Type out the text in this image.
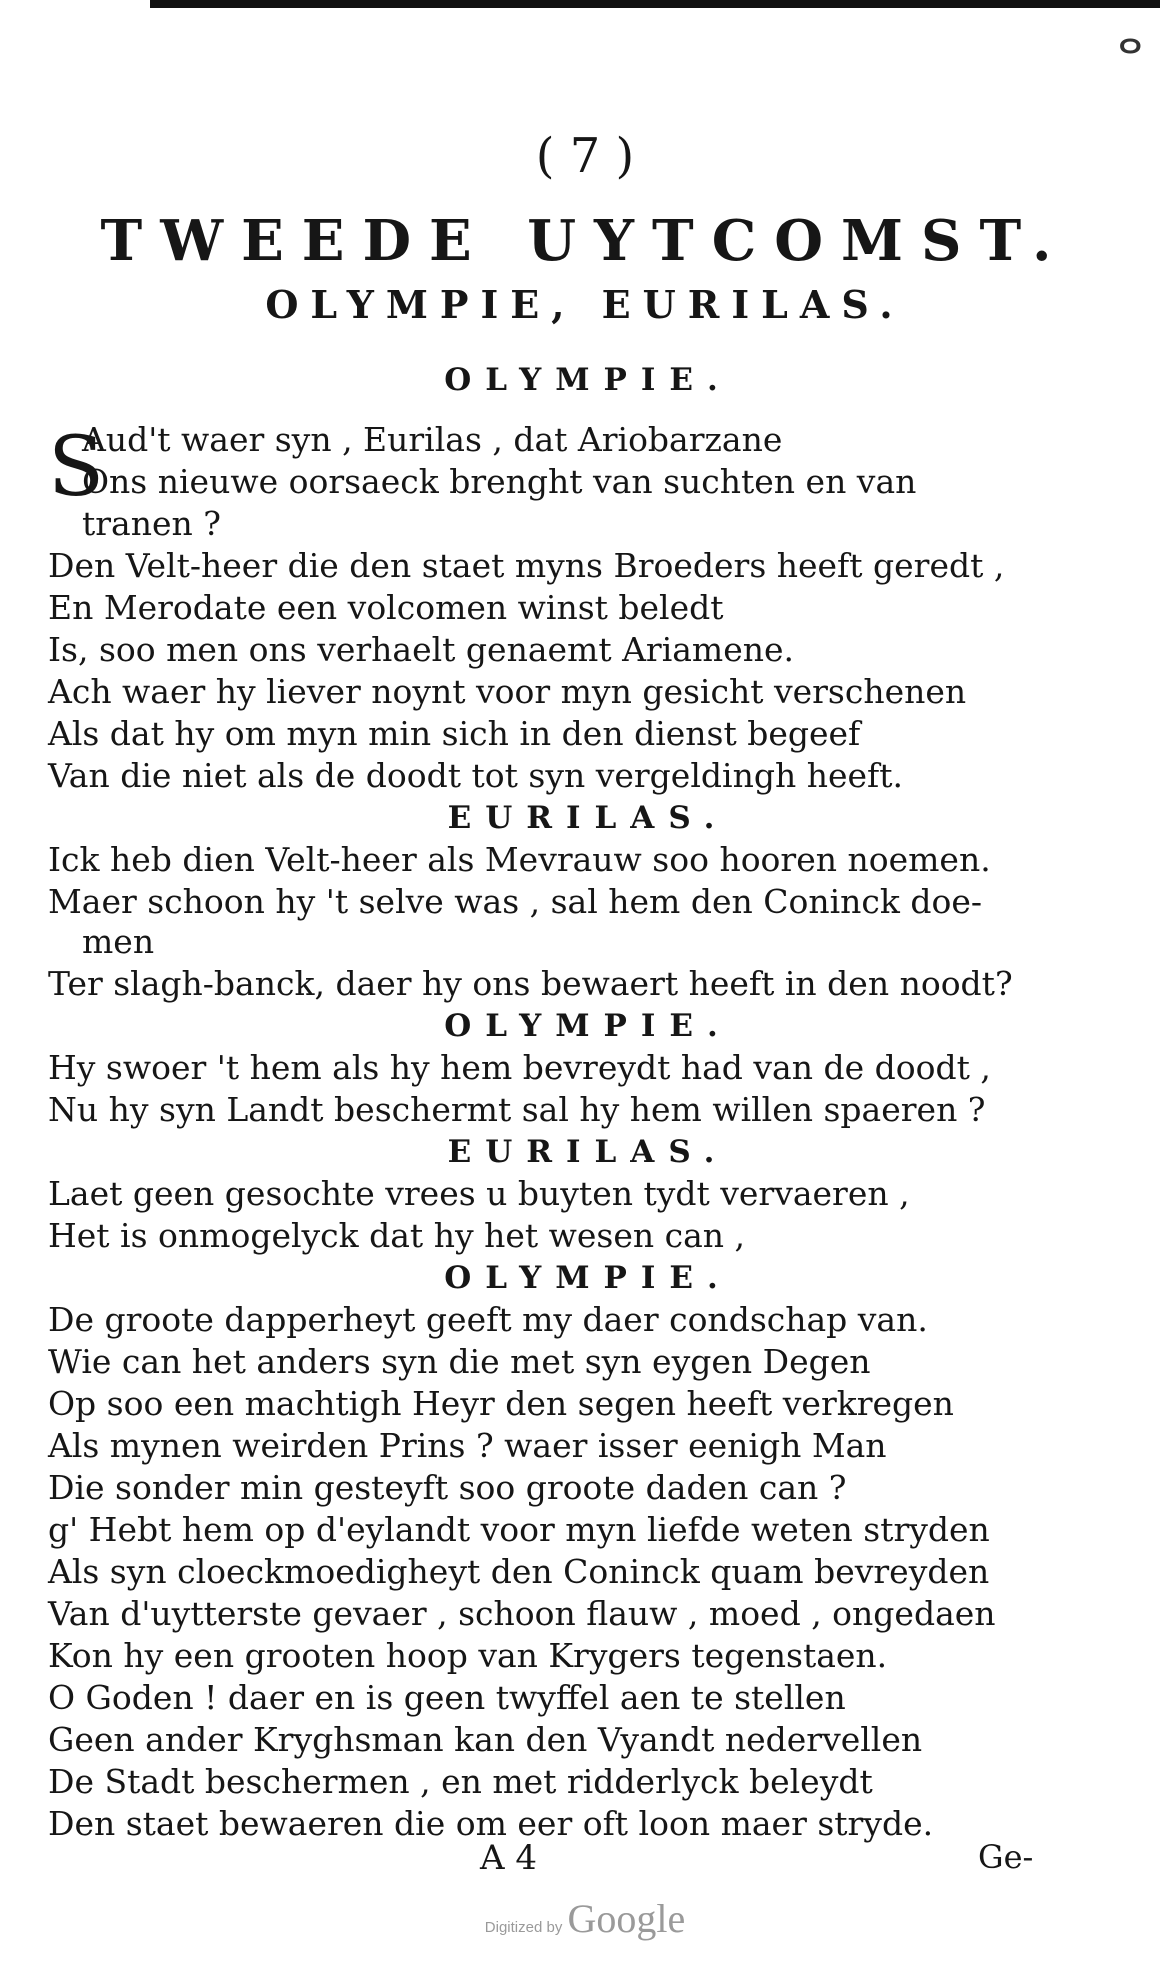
ⴰ
( 7 )
TWEEDE UYTCOMST.
OLYMPIE, EURILAS.
OLYMPIE.
S
Aud't waer syn , Eurilas , dat Ariobarzane
Ons nieuwe oorsaeck brenght van suchten en van
tranen ?
Den Velt-heer die den staet myns Broeders heeft geredt ,
En Merodate een volcomen winst beledt
Is, soo men ons verhaelt genaemt Ariamene.
Ach waer hy liever noynt voor myn gesicht verschenen
Als dat hy om myn min sich in den dienst begeef
Van die niet als de doodt tot syn vergeldingh heeft.
EURILAS.
Ick heb dien Velt-heer als Mevrauw soo hooren noemen.
Maer schoon hy 't selve was , sal hem den Coninck doe-
men
Ter slagh-banck, daer hy ons bewaert heeft in den noodt?
OLYMPIE.
Hy swoer 't hem als hy hem bevreydt had van de doodt ,
Nu hy syn Landt beschermt sal hy hem willen spaeren ?
EURILAS.
Laet geen gesochte vrees u buyten tydt vervaeren ,
Het is onmogelyck dat hy het wesen can ,
OLYMPIE.
De groote dapperheyt geeft my daer condschap van.
Wie can het anders syn die met syn eygen Degen
Op soo een machtigh Heyr den segen heeft verkregen
Als mynen weirden Prins ? waer isser eenigh Man
Die sonder min gesteyft soo groote daden can ?
g' Hebt hem op d'eylandt voor myn liefde weten stryden
Als syn cloeckmoedigheyt den Coninck quam bevreyden
Van d'uytterste gevaer , schoon flauw , moed , ongedaen
Kon hy een grooten hoop van Krygers tegenstaen.
O Goden ! daer en is geen twyffel aen te stellen
Geen ander Kryghsman kan den Vyandt nedervellen
De Stadt beschermen , en met ridderlyck beleydt
Den staet bewaeren die om eer oft loon maer stryde.
A 4	Ge-
Digitized by Google
